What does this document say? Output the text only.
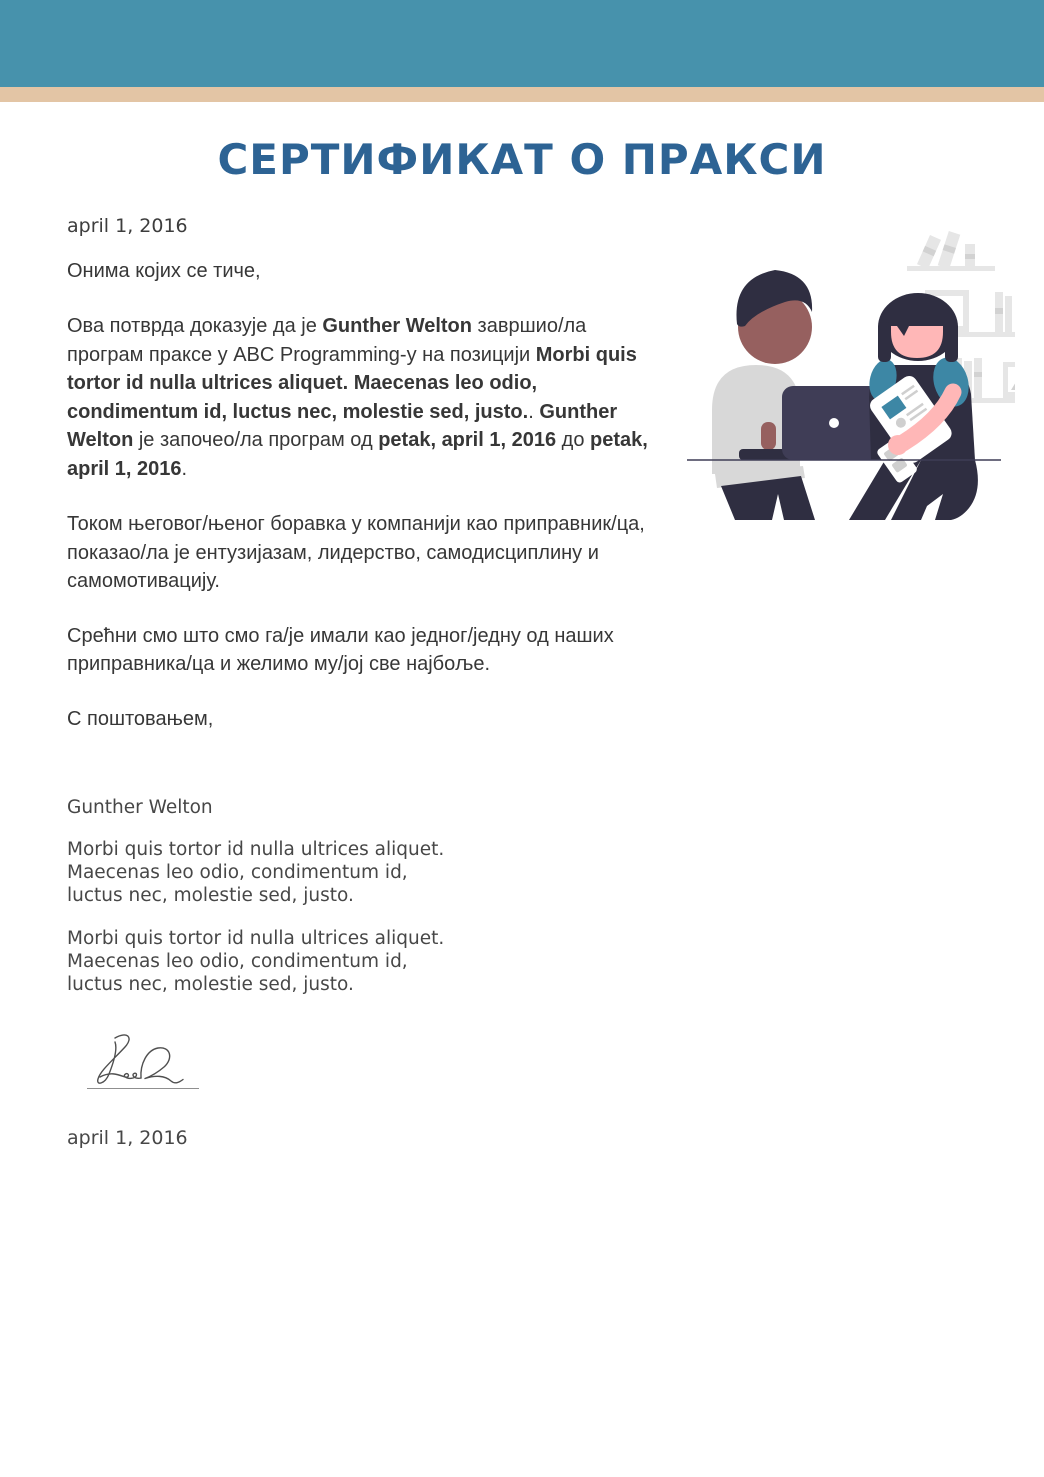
СЕРТИФИКАТ О ПРАКСИ

april 1, 2016

Онима којих се тиче,

Ова потврда доказује да је Gunther Welton завршио/ла програм праксе у ABC Programming-у на позицији Morbi quis tortor id nulla ultrices aliquet. Maecenas leo odio, condimentum id, luctus nec, molestie sed, justo.. Gunther Welton је започео/ла програм од petak, april 1, 2016 до petak, april 1, 2016.

Током његовог/њеног боравка у компанији као приправник/ца, показао/ла је ентузијазам, лидерство, самодисциплину и самомотивацију.

Срећни смо што смо га/је имали као једног/једну од наших приправника/ца и желимо му/јој све најбоље.

С поштовањем,

Gunther Welton

Morbi quis tortor id nulla ultrices aliquet. Maecenas leo odio, condimentum id, luctus nec, molestie sed, justo.

Morbi quis tortor id nulla ultrices aliquet. Maecenas leo odio, condimentum id, luctus nec, molestie sed, justo.

april 1, 2016
